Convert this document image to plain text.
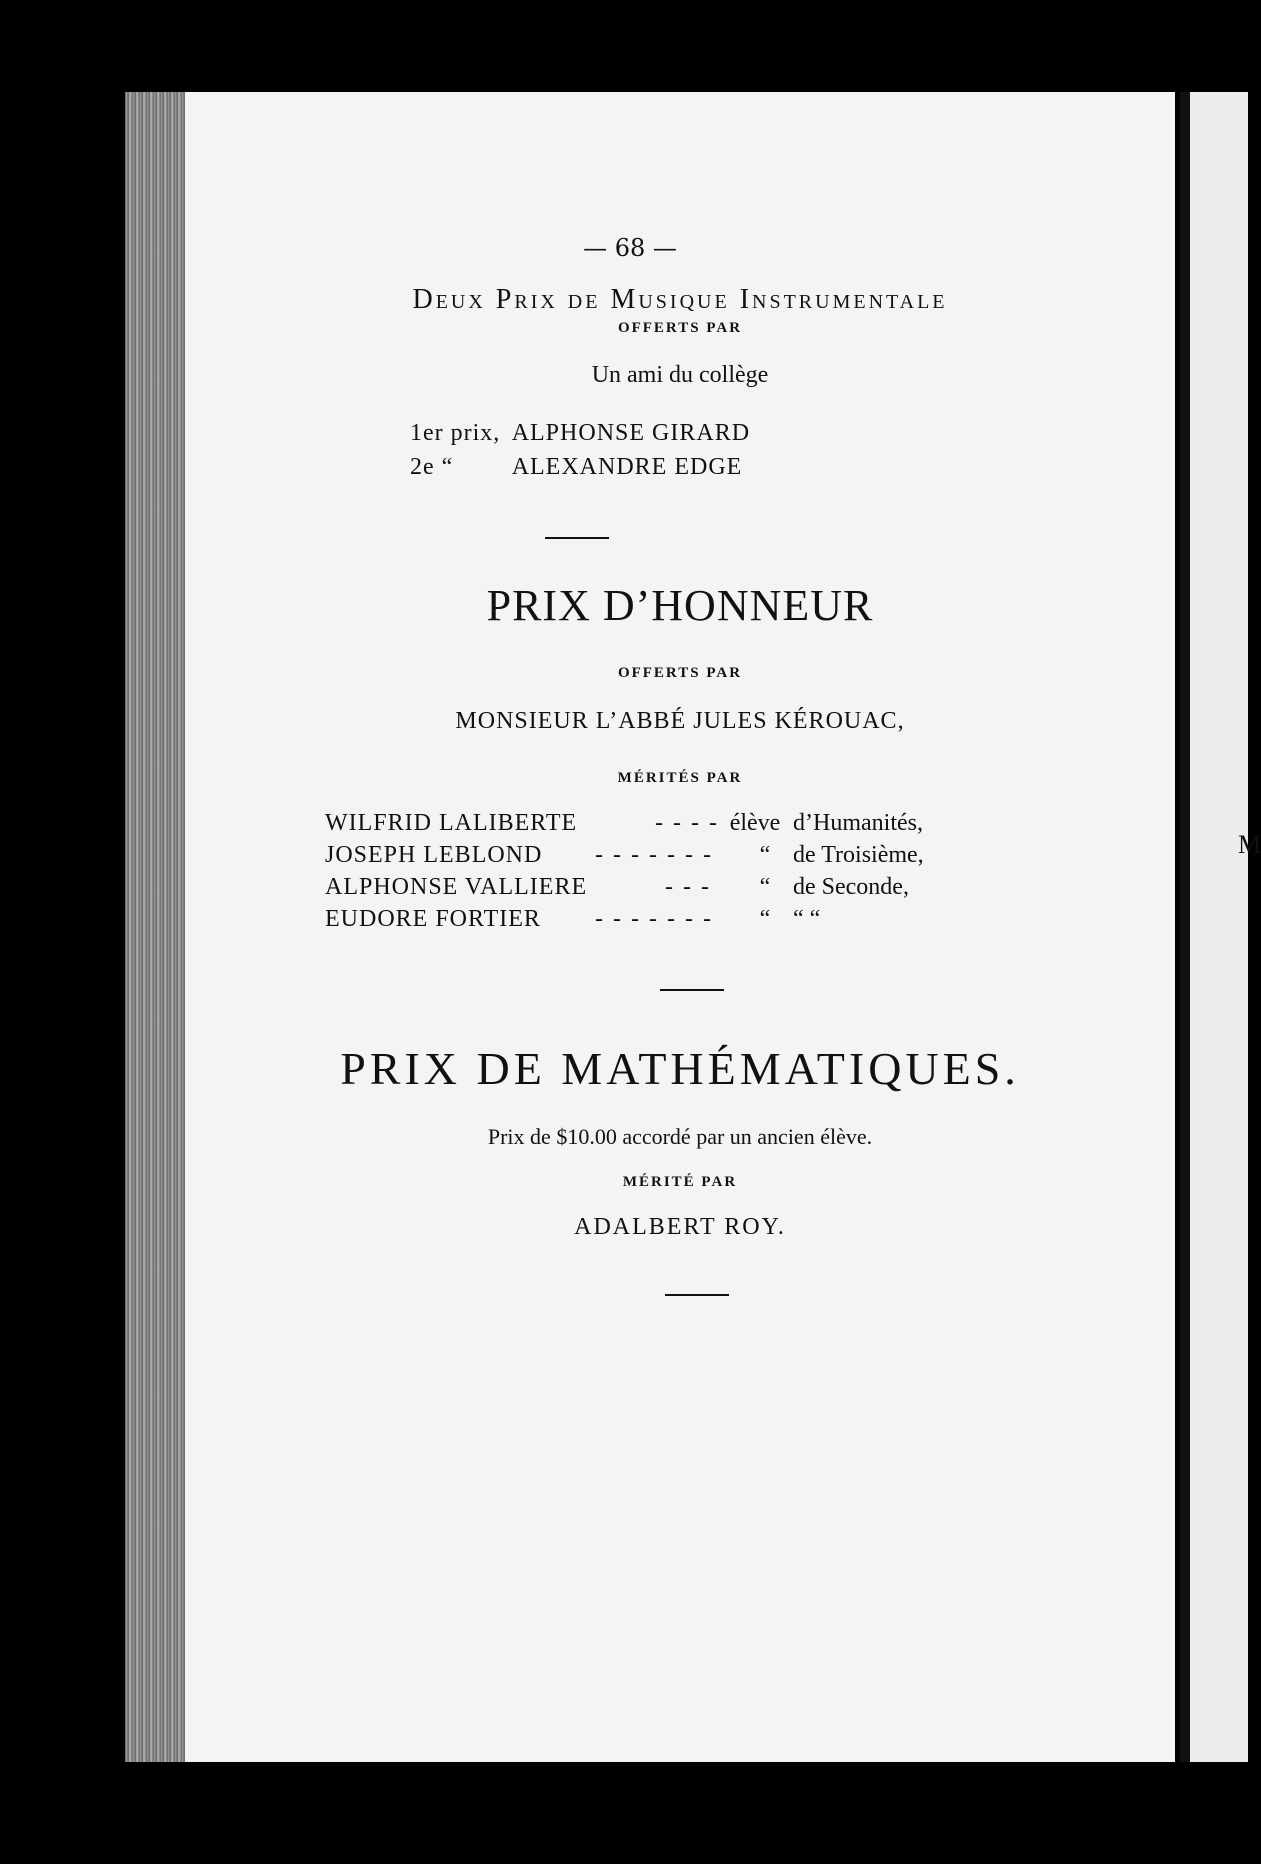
M
— 68 —
Deux Prix de Musique Instrumentale
OFFERTS PAR
Un ami du collège
1er prix, ALPHONSE GIRARD
2e “ ALEXANDRE EDGE
PRIX D’HONNEUR
OFFERTS PAR
MONSIEUR L’ABBÉ JULES KÉROUAC,
MÉRITÉS PAR
WILFRID LALIBERTE	- - - - élève d’Humanités,
JOSEPH LEBLOND - - - - - - -	“ de Troisième,
ALPHONSE VALLIERE	- - -	“ de Seconde,
EUDORE FORTIER - - - - - - -	“ “ “
PRIX DE MATHÉMATIQUES.
Prix de $10.00 accordé par un ancien élève.
MÉRITÉ PAR
ADALBERT ROY.
